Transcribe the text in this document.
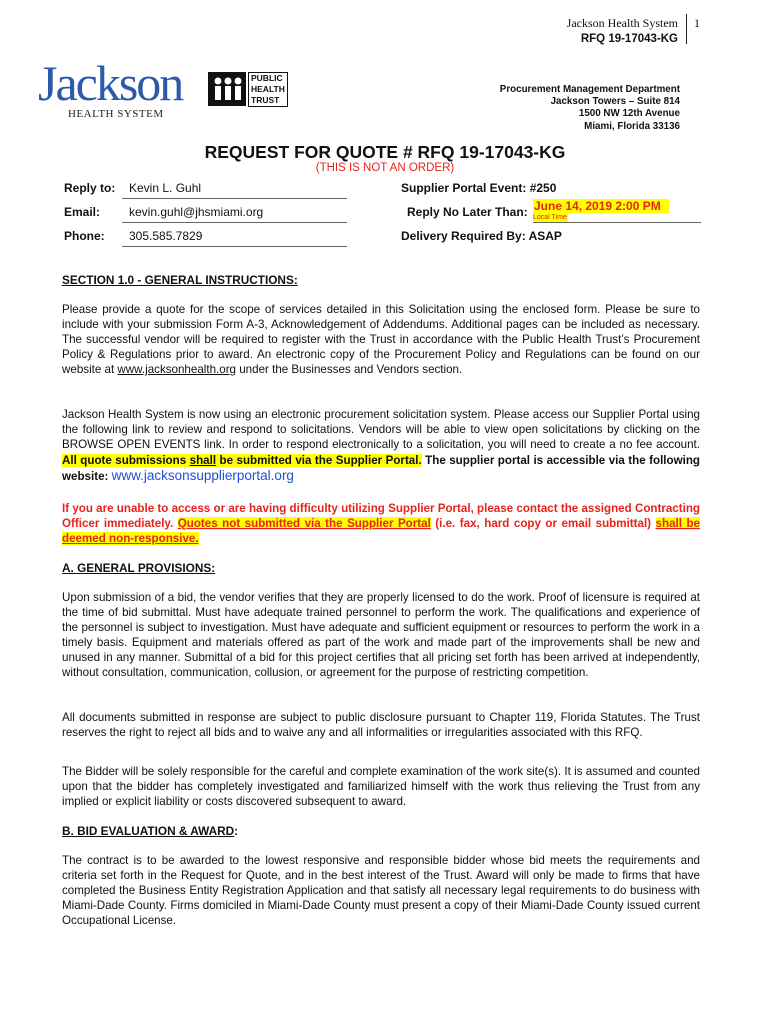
Jackson Health System 1
RFQ 19-17043-KG
Jackson
HEALTH SYSTEM
PUBLIC
HEALTH
TRUST
Procurement Management Department
Jackson Towers – Suite 814
1500 NW 12th Avenue
Miami, Florida 33136
REQUEST FOR QUOTE # RFQ 19-17043-KG
(THIS IS NOT AN ORDER)
Reply to: Kevin L. Guhl
Email: kevin.guhl@jhsmiami.org
Phone: 305.585.7829
Supplier Portal Event: #250
Reply No Later Than: June 14, 2019 2:00 PM
Local Time
Delivery Required By: ASAP
SECTION 1.0 - GENERAL INSTRUCTIONS:
Please provide a quote for the scope of services detailed in this Solicitation using the enclosed form. Please be sure to include with your submission Form A-3, Acknowledgement of Addendums. Additional pages can be included as necessary. The successful vendor will be required to register with the Trust in accordance with the Public Health Trust’s Procurement Policy & Regulations prior to award. An electronic copy of the Procurement Policy and Regulations can be found on our website at www.jacksonhealth.org under the Businesses and Vendors section.
Jackson Health System is now using an electronic procurement solicitation system. Please access our Supplier Portal using the following link to review and respond to solicitations. Vendors will be able to view open solicitations by clicking on the BROWSE OPEN EVENTS link. In order to respond electronically to a solicitation, you will need to create a no fee account. All quote submissions shall be submitted via the Supplier Portal. The supplier portal is accessible via the following website: www.jacksonsupplierportal.org
If you are unable to access or are having difficulty utilizing Supplier Portal, please contact the assigned Contracting Officer immediately. Quotes not submitted via the Supplier Portal (i.e. fax, hard copy or email submittal) shall be deemed non-responsive.
A. GENERAL PROVISIONS:
Upon submission of a bid, the vendor verifies that they are properly licensed to do the work. Proof of licensure is required at the time of bid submittal. Must have adequate trained personnel to perform the work. The qualifications and experience of the personnel is subject to investigation. Must have adequate and sufficient equipment or resources to perform the work in a timely basis. Equipment and materials offered as part of the work and made part of the improvements shall be new and unused in any manner. Submittal of a bid for this project certifies that all pricing set forth has been arrived at independently, without consultation, communication, collusion, or agreement for the purpose of restricting competition.
All documents submitted in response are subject to public disclosure pursuant to Chapter 119, Florida Statutes. The Trust reserves the right to reject all bids and to waive any and all informalities or irregularities associated with this RFQ.
The Bidder will be solely responsible for the careful and complete examination of the work site(s). It is assumed and counted upon that the bidder has completely investigated and familiarized himself with the work thus relieving the Trust from any implied or explicit liability or costs discovered subsequent to award.
B. BID EVALUATION & AWARD:
The contract is to be awarded to the lowest responsive and responsible bidder whose bid meets the requirements and criteria set forth in the Request for Quote, and in the best interest of the Trust. Award will only be made to firms that have completed the Business Entity Registration Application and that satisfy all necessary legal requirements to do business with Miami-Dade County. Firms domiciled in Miami-Dade County must present a copy of their Miami-Dade County issued current Occupational License.
